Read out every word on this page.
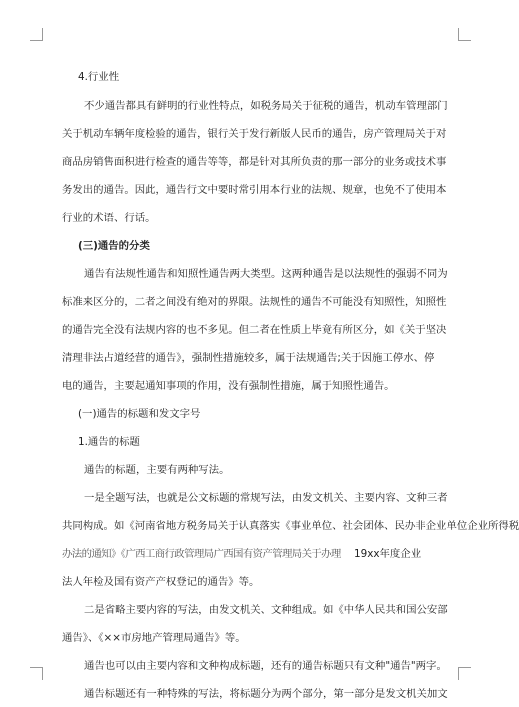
4.行业性
不少通告都具有鲜明的行业性特点，如税务局关于征税的通告，机动车管理部门
关于机动车辆年度检验的通告，银行关于发行新版人民币的通告，房产管理局关于对
商品房销售面积进行检查的通告等等，都是针对其所负责的那一部分的业务或技术事
务发出的通告。因此，通告行文中要时常引用本行业的法规、规章，也免不了使用本
行业的术语、行话。
(三)通告的分类
通告有法规性通告和知照性通告两大类型。这两种通告是以法规性的强弱不同为
标准来区分的，二者之间没有绝对的界限。法规性的通告不可能没有知照性，知照性
的通告完全没有法规内容的也不多见。但二者在性质上毕竟有所区分，如《关于坚决
清理非法占道经营的通告》，强制性措施较多，属于法规通告;关于因施工停水、停
电的通告，主要起通知事项的作用，没有强制性措施，属于知照性通告。
(一)通告的标题和发文字号
1.通告的标题
通告的标题，主要有两种写法。
一是全题写法，也就是公文标题的常规写法，由发文机关、主要内容、文种三者
共同构成。如《河南省地方税务局关于认真落实《事业单位、社会团体、民办非企业单位企业所得税
办法的通知》《广西工商行政管理局广西国有资产管理局关于办理 19xx年度企业
法人年检及国有资产产权登记的通告》等。
二是省略主要内容的写法，由发文机关、文种组成。如《中华人民共和国公安部
通告》、《××市房地产管理局通告》等。
通告也可以由主要内容和文种构成标题，还有的通告标题只有文种"通告"两字。
通告标题还有一种特殊的写法，将标题分为两个部分，第一部分是发文机关加文
